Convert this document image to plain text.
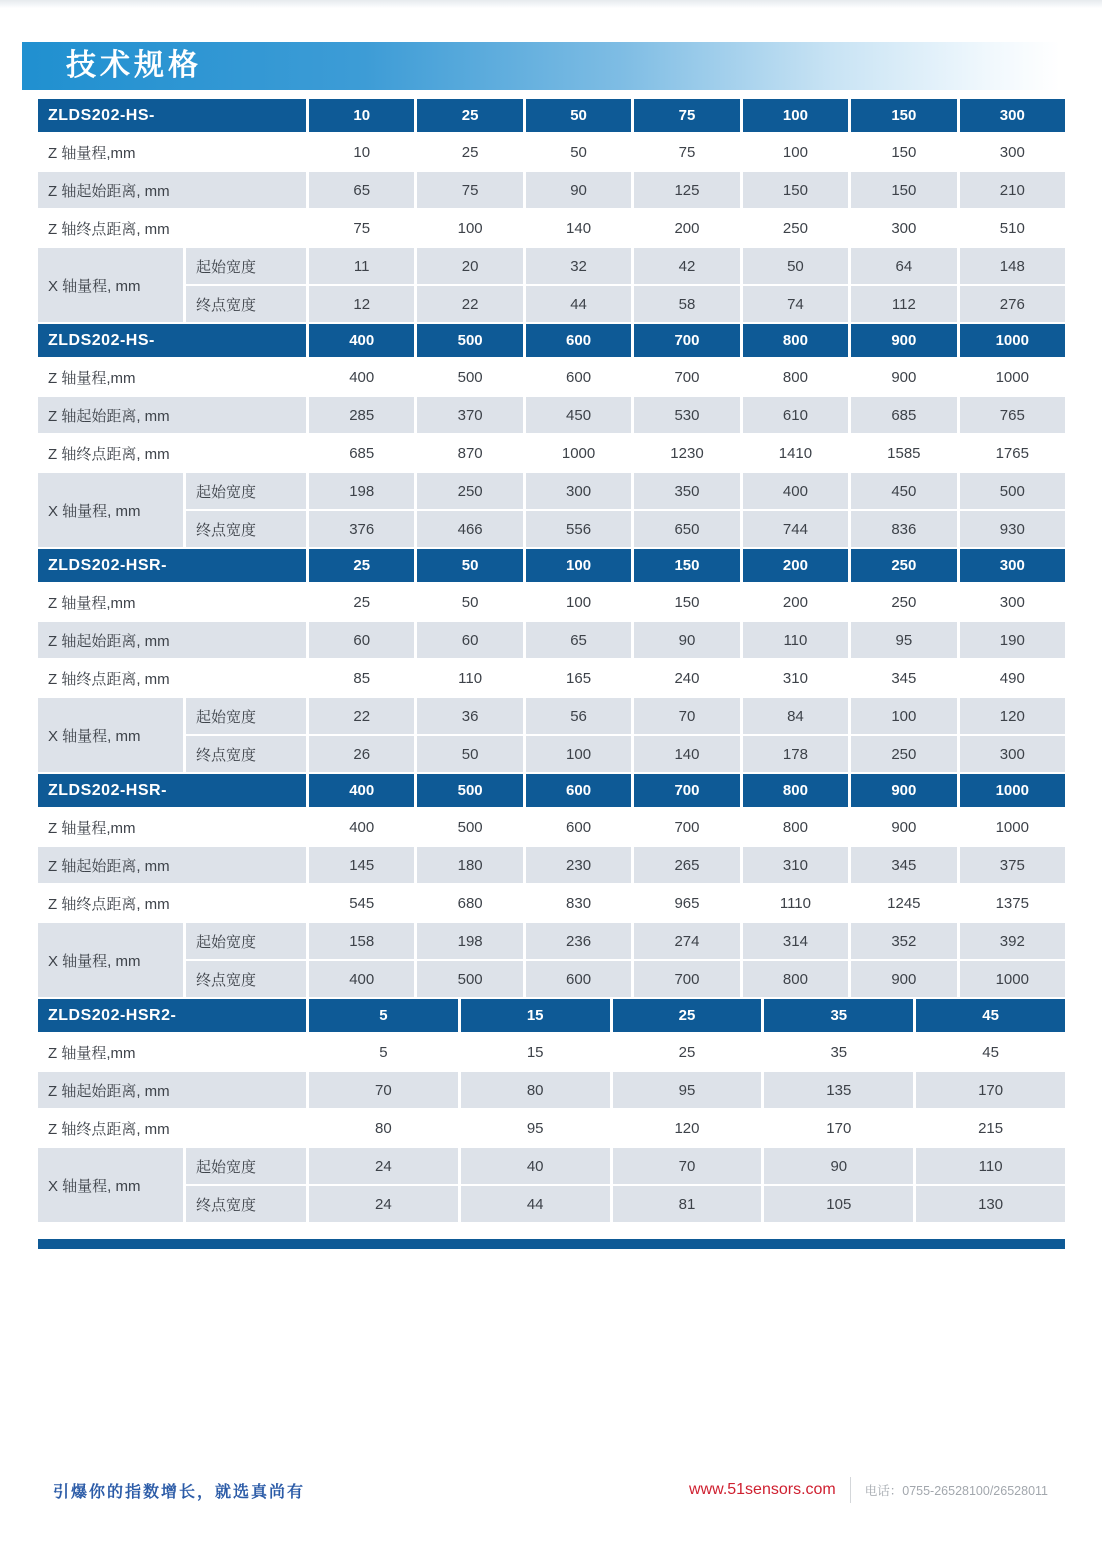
技术规格
ZLDS202-HS-	10	25	50	75	100	150	300
Z 轴量程,mm	10	25	50	75	100	150	300
Z 轴起始距离, mm	65	75	90	125	150	150	210
Z 轴终点距离, mm	75	100	140	200	250	300	510
X 轴量程, mm
起始宽度	11	20	32	42	50	64	148
终点宽度	12	22	44	58	74	112	276
ZLDS202-HS-	400	500	600	700	800	900	1000
Z 轴量程,mm	400	500	600	700	800	900	1000
Z 轴起始距离, mm	285	370	450	530	610	685	765
Z 轴终点距离, mm	685	870	1000	1230	1410	1585	1765
X 轴量程, mm
起始宽度	198	250	300	350	400	450	500
终点宽度	376	466	556	650	744	836	930
ZLDS202-HSR-	25	50	100	150	200	250	300
Z 轴量程,mm	25	50	100	150	200	250	300
Z 轴起始距离, mm	60	60	65	90	110	95	190
Z 轴终点距离, mm	85	110	165	240	310	345	490
X 轴量程, mm
起始宽度	22	36	56	70	84	100	120
终点宽度	26	50	100	140	178	250	300
ZLDS202-HSR-	400	500	600	700	800	900	1000
Z 轴量程,mm	400	500	600	700	800	900	1000
Z 轴起始距离, mm	145	180	230	265	310	345	375
Z 轴终点距离, mm	545	680	830	965	1110	1245	1375
X 轴量程, mm
起始宽度	158	198	236	274	314	352	392
终点宽度	400	500	600	700	800	900	1000
ZLDS202-HSR2-	5	15	25	35	45
Z 轴量程,mm	5	15	25	35	45
Z 轴起始距离, mm	70	80	95	135	170
Z 轴终点距离, mm	80	95	120	170	215
X 轴量程, mm
起始宽度	24	40	70	90	110
终点宽度	24	44	81	105	130
引爆你的指数增长，就选真尚有	www.51sensors.com 电话：0755-26528100/26528011
